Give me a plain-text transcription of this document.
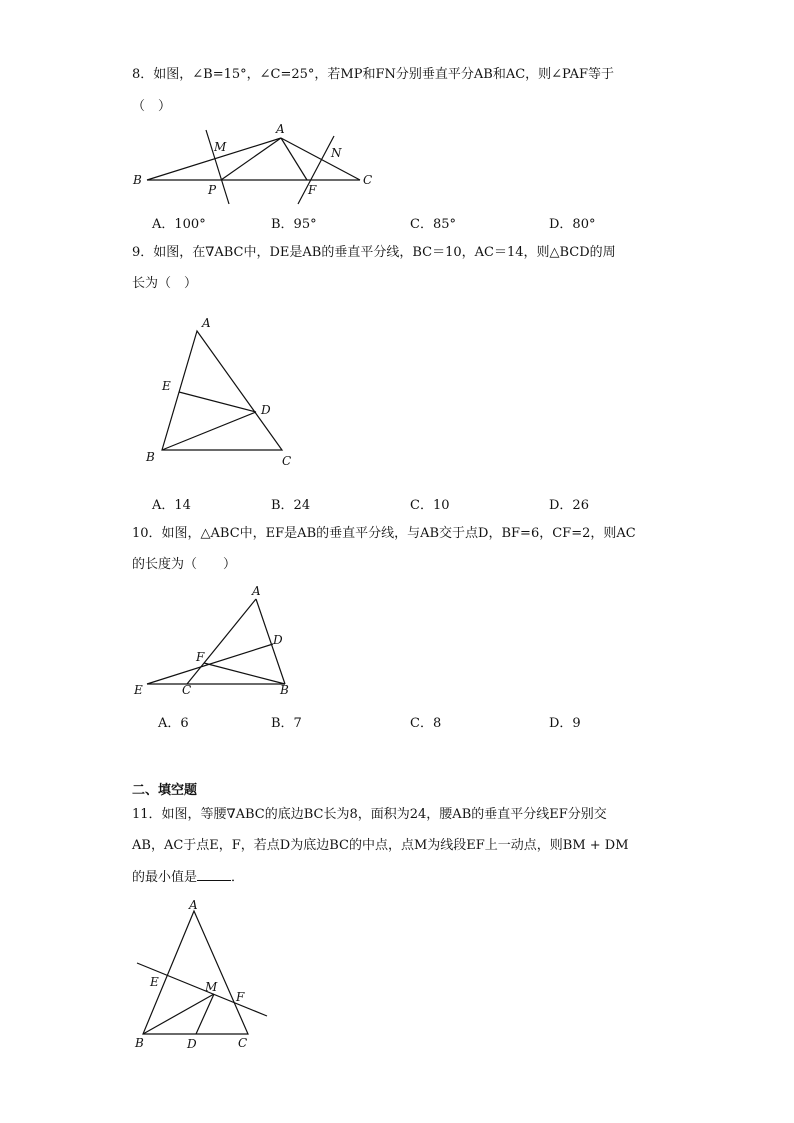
8．如图，∠B=15°，∠C=25°，若MP和FN分别垂直平分AB和AC，则∠PAF等于
（　）
A
B	C
M	N
P	F
A．100°	B．95°	C．85°	D．80°
9．如图，在∇ABC中，DE是AB的垂直平分线，BC＝10，AC＝14，则△BCD的周
长为（　）
A
E
D
B	C
A．14	B．24	C．10	D．26
10．如图，△ABC中，EF是AB的垂直平分线，与AB交于点D，BF=6，CF=2，则AC
的长度为（　　）
A
D
F
E	C	B
A．6	B．7	C．8	D．9
二、填空题
11．如图，等腰∇ABC的底边BC长为8，面积为24，腰AB的垂直平分线EF分别交
AB，AC于点E，F，若点D为底边BC的中点，点M为线段EF上一动点，则BM + DM
的最小值是	．
A
E	M
F
B	D	C
